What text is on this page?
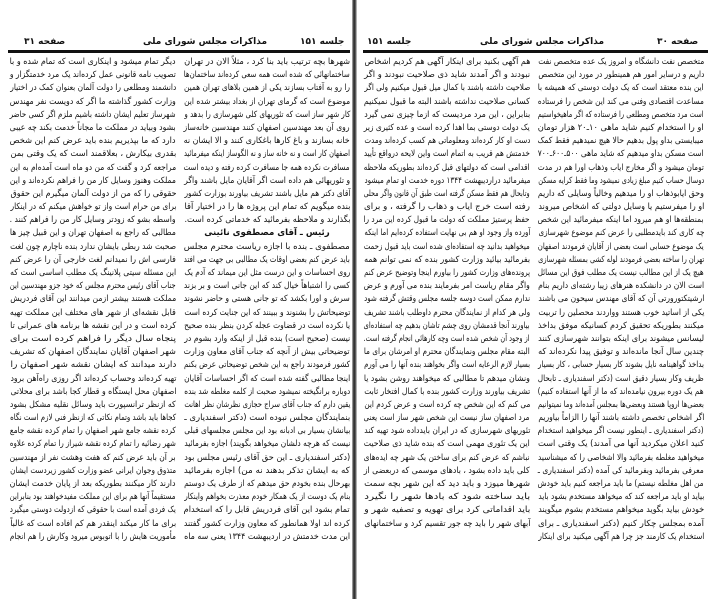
صفحه ۳۱	مذاکرات مجلس شورای ملی	جلسه ۱۵۱
دیگر تمام میشود و اینکاری است که تمام شده و با
تصویب نامه قانونی عمل کرده‌اند یک مرد خدمتگزار و
دانشمند ومطلعی را دولت آلمان بعنوان کمک در اختیار
وزارت کشور گذاشته ما اگر که دویست نفر مهندس
شهرساز تعلیم ایشان داشته باشیم ملزم اگر کسی حاضر
بشود وبیاید در مملکت ما مجاناً خدمت بکند چه عیبی
دارد که ما بپذیریم بنده باید عرض کنم این شخص
بقدری بیکارش ، بعلاقمند است که یک وقتی بمن
مراجعه کرد و گفت که من دو ماه است آمده‌ام به این
مملکت وهنوز وسایل کار من را فراهم نکرده‌اند و این
حقوقی را که من از دولت آلمان میگیرم این حقوق
برای من حرام است واز تو خواهش میکنم که در اینکار
واسطه بشو که زودتر وسایل کار من را فراهم کنند .
مطالبی که راجع به اصفهان تهران و این قبیل چیز ها
صحبت شد ربطی بایشان ندارد بنده ناچارم چون لغت
فارسی اش را نمیدانم لغت خارجی آن را عرض کنم
این مسئله سیتی پلانینگ یک مطلب اساسی است که
جناب آقای رئیس محترم مجلس که خود جزو مهندسین این
مملکت هستند بیشتر ازمن میدانند این آقای فردریش
قابل نقشه‌ای از شهر های مختلف این مملکت تهیه
کرده است و در این نقشه ها برنامه های عمرانی تا
پنجاه سال دیگر را فراهم کرده است برای
شهر اصفهان آقایان نمایندگان اصفهان که تشریف
دارند میدانند که ایشان نقشه شهر اصفهان را
تهیه کرده‌اند وحساب کرده‌اند اگر روزی راه‌آهن برود
اصفهان محل ایستگاه و قطار کجا باشد برای محلاتی
که ازنظر ترانسپورت باید وسائل نقلیه مشکل بشود
کجاها باید باشد وتمام نکاتی که ازنظر فنی لازم است نگاه
کرده نقشه جامع شهر اصفهان را تمام کرده نقشه جامع
شهر رضائیه را تمام کرده نقشه شیراز را تمام کرده علاوه
بر آن باید عرض کنم که هفت وهشت نفر از مهندسین
متذوق وجوان ایرانی عضو وزارت کشور زیردست ایشان
دارند کار میکنند بطوریکه بعد از پایان خدمت ایشان
مستقیماً آنها هم برای این مملکت مفیدخواهند بود بنابراین
یک فردی آمده است با حقوقی که ازدولت دوستی میگیرد
برای ما کار میکند اینقدر هم کم افاده است که غالباً
مأموریت هایش را با اتوبوس میرود وکارش را هم انجام
شهرها بچه ترتیب باید بنا کرد ، مثلاً الان در تهران
ساختمانهائی که شده است همه سعی کرده‌اند ساختمان‌ها
را رو به آفتاب بسازند یکی از همین بلاهای تهران همین
موضوع است که گرمای تهران از بغداد بیشتر شده این
کار شهر ساز است که تئوریهای کلی شهرسازی را بدهد و
روی آن بعد مهندسین اصفهان کنند مهندسین خانه‌ساز
خانه بسازند و باغ کارها باغکاری کنند و الا ایشان نه
اصفهان کار است و نه خانه ساز و نه الگوساز اینکه میفرمائید
مسافرت نکرده همه جا مسافرت کرده رفته و دیده است
و تئوریهائی هم داده است اگر آقایان مایل باشند واگر
آقای دکتر هم مایل باشند تشریف بیاورند بوزارت کشور
بنده میگویم که تمام این پروژه ها را در اختیار آقا
بگذارند و ملاحظه بفرمائید که خدماتی کرده است.
رئیس ـ آقای مصطفوی نائینی
مصطفوی ـ بنده با اجازه ریاست محترم مجلس
باید عرض کنم بعضی اوقات یک مطالبی بی جهت می افتد
روی احساسات و این درست مثل این میماند که آدم یک
کسی را اشتباهاً خیال کند که این جانی است و بر بزند
سرش و اورا بکشد که تو جانی هستی و حاضر نشوند
توضیحاتش را بشنوند و ببینند که این جنایت کرده است
یا نکرده است در قضاوت عجله کردن بنظر بنده صحیح
نیست (صحیح است) بنده قبل از اینکه وارد بشوم در
توضیحاتی بیش از آنچه که جناب آقای معاون وزارت
کشور فرمودند راجع به این شخص توضیحاتی عرض بکنم
اینجا مطالبی گفته شده است که اگر احساسات آقایان
دوباره برانگیخته نمیشود صحبت از کلمه مغلطه شد بنده
یقین دارم که جناب آقای سراج حجازی نظرشان نظر اهانت
بنمایندگان مجلس نبوده است (دکتر اسفندیاری ـ
بیانشان بسیار بی ادبانه بود این مجلس مجلسهای قبلی
نیست که هرچه دلشان میخواهد بگویند) اجازه بفرمائید
(دکتر اسفندیاری ـ این حق آقای رئیس مجلس بود
که به ایشان تذکر بدهند نه من) اجازه بفرمائید
بهرحال بنده بخودم حق میدهم که از طرف یک دوستم
بنام یک دوست از یک همکار خودم معذرت بخواهم واینکار
تمام بشود این آقای فردریش قابل را که استخدام
کرده اند اولا همانطور که معاون وزارت کشور گفتند
این مدت خدمتش در اردیبهشت ۱۳۴۴ یعنی سه ماه
جلسه ۱۵۱	مذاکرات مجلس شورای ملی	صفحه ۳۰
هم آگهی بکنید برای اینکار آگهی هم کردیم اشخاص
نبودند و اگر آمدند شاید ذی صلاحیت نبودند و اگر
صلاحیت داشته باشند با کمال میل قبول میکنیم ولی اگر
کسانی صلاحیت نداشته باشند البته ما قبول نمیکنیم
بنابراین ، این مرد مردیست که ازما چیزی نمی گیرد
یک دولت دوستی بما اهدا کرده است و عده کثیری زیر
دست او کار کرده‌اند ومعلوماتی هم کسب کرده‌اند ومدت
خدمتش هم قریب به اتمام است واین لایحه درواقع تأیید
اقدامی است که دولتهای قبل کرده‌اند بطوریکه ملاحظه
میفرمائید دراردیبهشت ۱۳۴۴ دوره خدمت او تمام میشود
وتابحال هم فقط مسکن گرفته است طبق آن قانون واگر محلی
رفته است خرج ایاب و ذهاب را گرفته ، و برای
حفظ پرستیژ مملکت که دولت ما قبول کرده این مرد را
آورده واز وجود او هم بی نهایت استفاده کرده‌ایم اما اینکه
میخواهید بدانید چه استفاده‌ای شده است باید قبول زحمت
بفرمائید بیائید وزارت کشور بنده که نمی توانم همه
پرونده‌های وزارت کشور را بیاورم اینجا وتوضیح عرض کنم
واگر مقام ریاست امر بفرمایند بنده می آورم و عرض
ندارم ممکن است دوسه جلسه مجلس وقتش گرفته شود
ولی هر کدام از نمایندگان محترم داوطلب باشند تشریف
بیاورند آنجا قدمشان روی چشم تاشان بدهیم چه استفاده‌ای
از وجود آن شخص شده است وچه کارهائی انجام گرفته است.
البته مقام مجلس ونمایندگان محترم او امرشان برای ما
بسیار لازم الرعایه است واگر بخواهند بنده آنها را می آورم
ونشان میدهم تا مطالبی که میخواهند روشن بشود یا
تشریف بیاورند وزارت کشور بنده با کمال افتخار ثابت
می کنم که این شخص چه کرده است و عرض کردم این
مرد اصفهان ساز نیست این شخص شهر ساز است یعنی
تئوریهای شهرسازی که در ایران بایدداده شود تهیه کند
این یک تئوری مهمی است که بنده شاید ذی صلاحیت
نباشم که عرض کنم برای ساختن یک شهر چه ایده‌های
کلی باید داده بشود ، بادهای موسمی که دربعضی از
شهرها میوزد و باید دید که این شهر بچه سمت
باید ساخته شود که بادها شهر را نگیرد
باید اقداماتی کرد برای تهویه و تصفیه شهر و
آبهای شهر را باید چه جور تقسیم کرد و ساختمانهای
متخصص نفت دانشگاه و امروز یک عده متخصص نفت
داریم و درسایر امور هم همینطور در مورد این متخصص
این بنده معتقد است که یک دولت دوستی که همیشه با
مساعدت اقتصادی وفنی می کند این شخص را فرستاده
است مرد متخصص ومطلعی را فرستاده که اگر ماهیخواستیم
او را استخدام کنیم شاید ماهی ۱۰ـ۲۰ هزار تومان
میبایستی بداو پول بدهیم حالا هیچ نمیدهیم فقط کمک
است مسکن بداو میدهیم که شاید ماهی ۵۰۰ـ۶۰۰ـ۷۰۰
تومان میشود و اگر مخارج ایاب وذهاب اورا هم در مدت
دوسال حساب کنیم مبلغ زیادی نمیشود وما فقط کرایه مسکن
وحق ایابوذهاب او را میدهیم وخالیاً وسایلی که داریم
او را میفرستیم یا وسایل دولتی که اشخاص میروند
بمنطقه‌ها او هم میرود اما اینکه میفرمائید این شخص
چه کاری کند بایدمطلبی را عرض کنم موضوع شهرسازی
یک موضوع حسابی است بعضی از آقایان فرمودند اصفهان
تهران را ساخته بعضی فرمودند لوله کشی بمسئله شهرسازی
هیچ یک از این مطالب نیست یک مطلب فوق این مسائل
است الان در دانشکده هنرهای زیبا رشته‌ای داریم بنام
ارشیتکتورورتی آن که آقای مهندس سیحون می باشند
یکی از اساتید خوب هستند وواردند محصلین را تربیت
میکنند بطوریکه تحقیق کردم کسانیکه موفق بداخذ
لیسانس میشوند برای اینکه بتوانند شهرسازی کنند
چندین سال آنجا مانده‌اند و توفیق پیدا نکرده‌اند که
بداخذ گواهینامه نایل بشوند کار بسیار حسابی ، کار بسیار
ظریف وکار بسیار دقیق است (دکتر اسفندیاری ـ تابحال
هم یک دوره بیرون نیامده‌اند که ما از آنها استفاده کنیم)
بعضی‌ها اروپا هستند وبعضی‌ها بمجلس آمده‌اند وما نمیتوانیم
اگر اشخاص تخصص داشته باشند آنها را الزاماً بیاوریم
(دکتر اسفندیاری ـ اینطور نیست اگر میخواهید استخدام
کنید اعلان میکردید آنها می آمدند) یک وقتی است
میخواهید مغلطه بفرمائید والا اشخاصی را که میشناسید
معرفی بفرمائید وبفرمائید کی آمده (دکتر اسفندیاری ـ
من اهل مغلطه نیستم) ما باید مراجعه کنیم باید خودش
بیاید او باید مراجعه کند که میخواهد مستخدم بشود باید
خودش بیاید بگوید میخواهم مستخدم بشوم میگویند
آمده بمجلس چکار کنیم (دکتر اسفندیاری ـ برای
استخدام یک کارمند جز چرا هم آگهی میکنید برای اینکار
